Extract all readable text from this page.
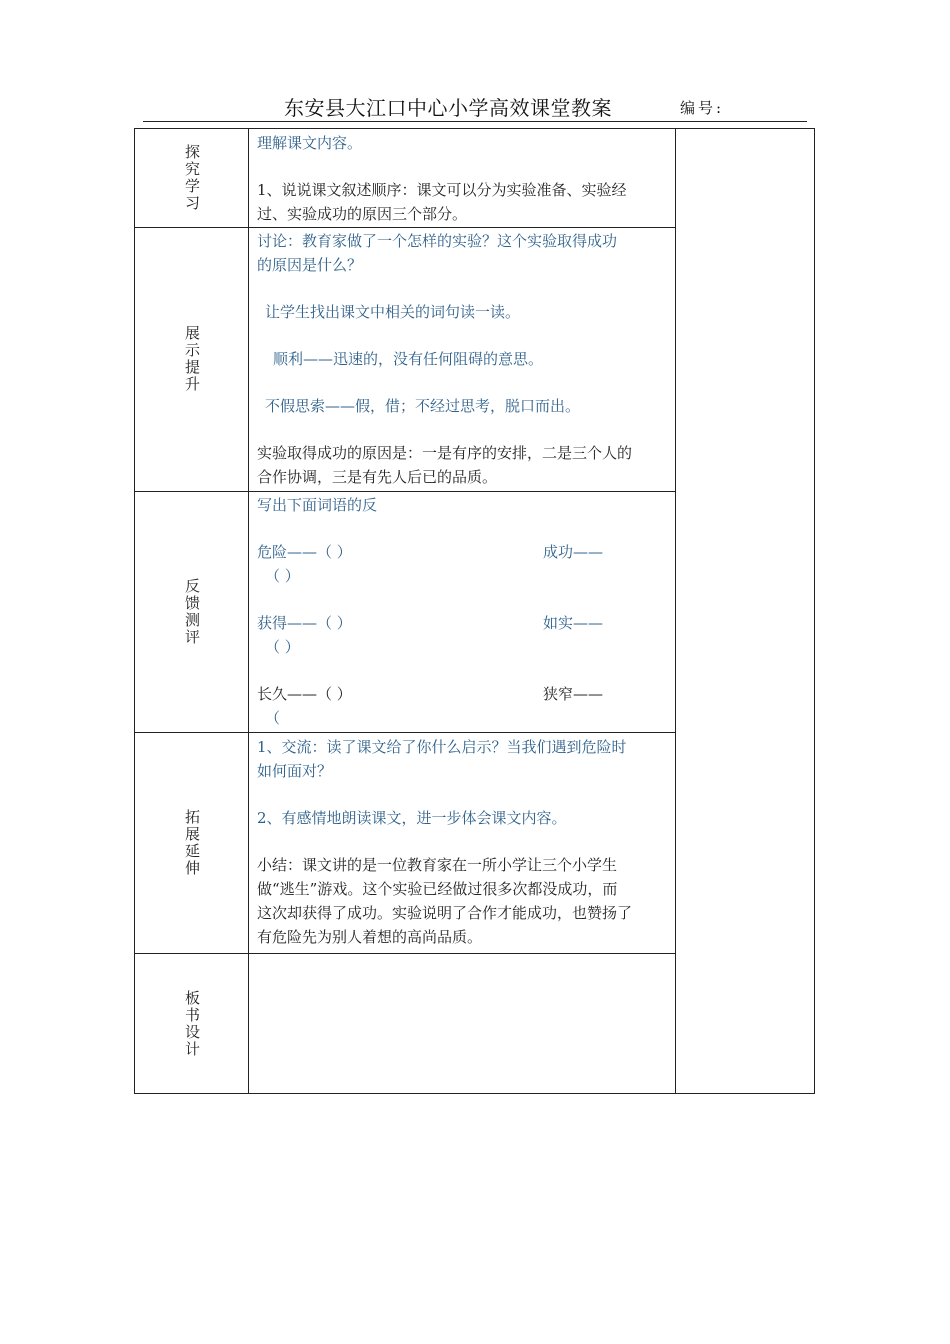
东安县大江口中心小学高效课堂教案	编号:
探究学习

理解课文内容。

1、说说课文叙述顺序：课文可以分为实验准备、实验经

过、实验成功的原因三个部分。

展示提升

讨论：教育家做了一个怎样的实验？这个实验取得成功

的原因是什么？

让学生找出课文中相关的词句读一读。

顺利——迅速的，没有任何阻碍的意思。

不假思索——假，借；不经过思考，脱口而出。

实验取得成功的原因是：一是有序的安排，二是三个人的

合作协调，三是有先人后已的品质。

反馈测评

写出下面词语的反

危险——（ ）	成功——
（ ）
获得——（ ）	如实——
（ ）
长久——（ ）	狭窄——
（
拓展延伸

1、交流：读了课文给了你什么启示？当我们遇到危险时

如何面对？

2、有感情地朗读课文，进一步体会课文内容。

小结：课文讲的是一位教育家在一所小学让三个小学生

做“逃生”游戏。这个实验已经做过很多次都没成功，而

这次却获得了成功。实验说明了合作才能成功，也赞扬了

有危险先为别人着想的高尚品质。

板书设计
